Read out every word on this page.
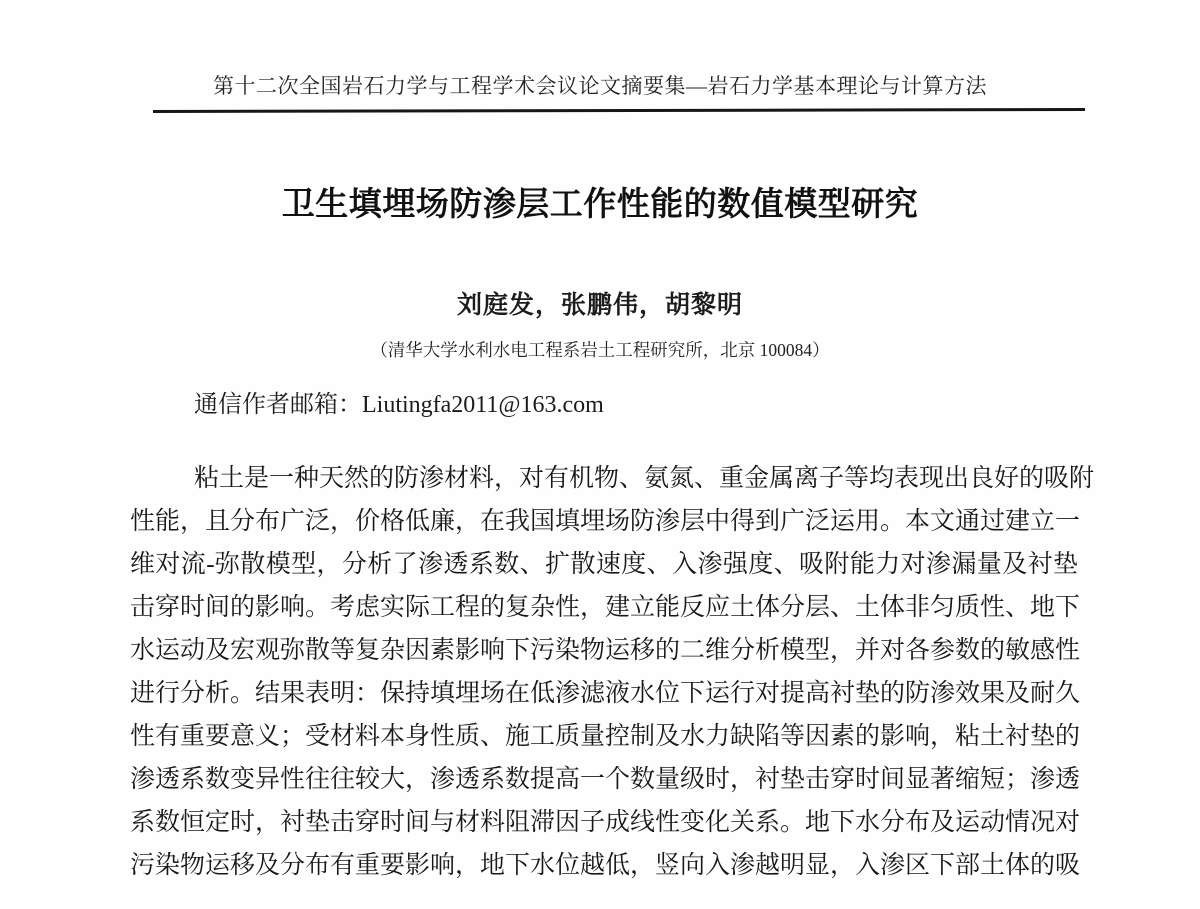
第十二次全国岩石力学与工程学术会议论文摘要集—岩石力学基本理论与计算方法
卫生填埋场防渗层工作性能的数值模型研究
刘庭发，张鹏伟，胡黎明
（清华大学水利水电工程系岩土工程研究所，北京 100084）
通信作者邮箱：Liutingfa2011@163.com
粘土是一种天然的防渗材料，对有机物、氨氮、重金属离子等均表现出良好的吸附
性能，且分布广泛，价格低廉，在我国填埋场防渗层中得到广泛运用。本文通过建立一
维对流-弥散模型，分析了渗透系数、扩散速度、入渗强度、吸附能力对渗漏量及衬垫
击穿时间的影响。考虑实际工程的复杂性，建立能反应土体分层、土体非匀质性、地下
水运动及宏观弥散等复杂因素影响下污染物运移的二维分析模型，并对各参数的敏感性
进行分析。结果表明：保持填埋场在低渗滤液水位下运行对提高衬垫的防渗效果及耐久
性有重要意义；受材料本身性质、施工质量控制及水力缺陷等因素的影响，粘土衬垫的
渗透系数变异性往往较大，渗透系数提高一个数量级时，衬垫击穿时间显著缩短；渗透
系数恒定时，衬垫击穿时间与材料阻滞因子成线性变化关系。地下水分布及运动情况对
污染物运移及分布有重要影响，地下水位越低，竖向入渗越明显，入渗区下部土体的吸
